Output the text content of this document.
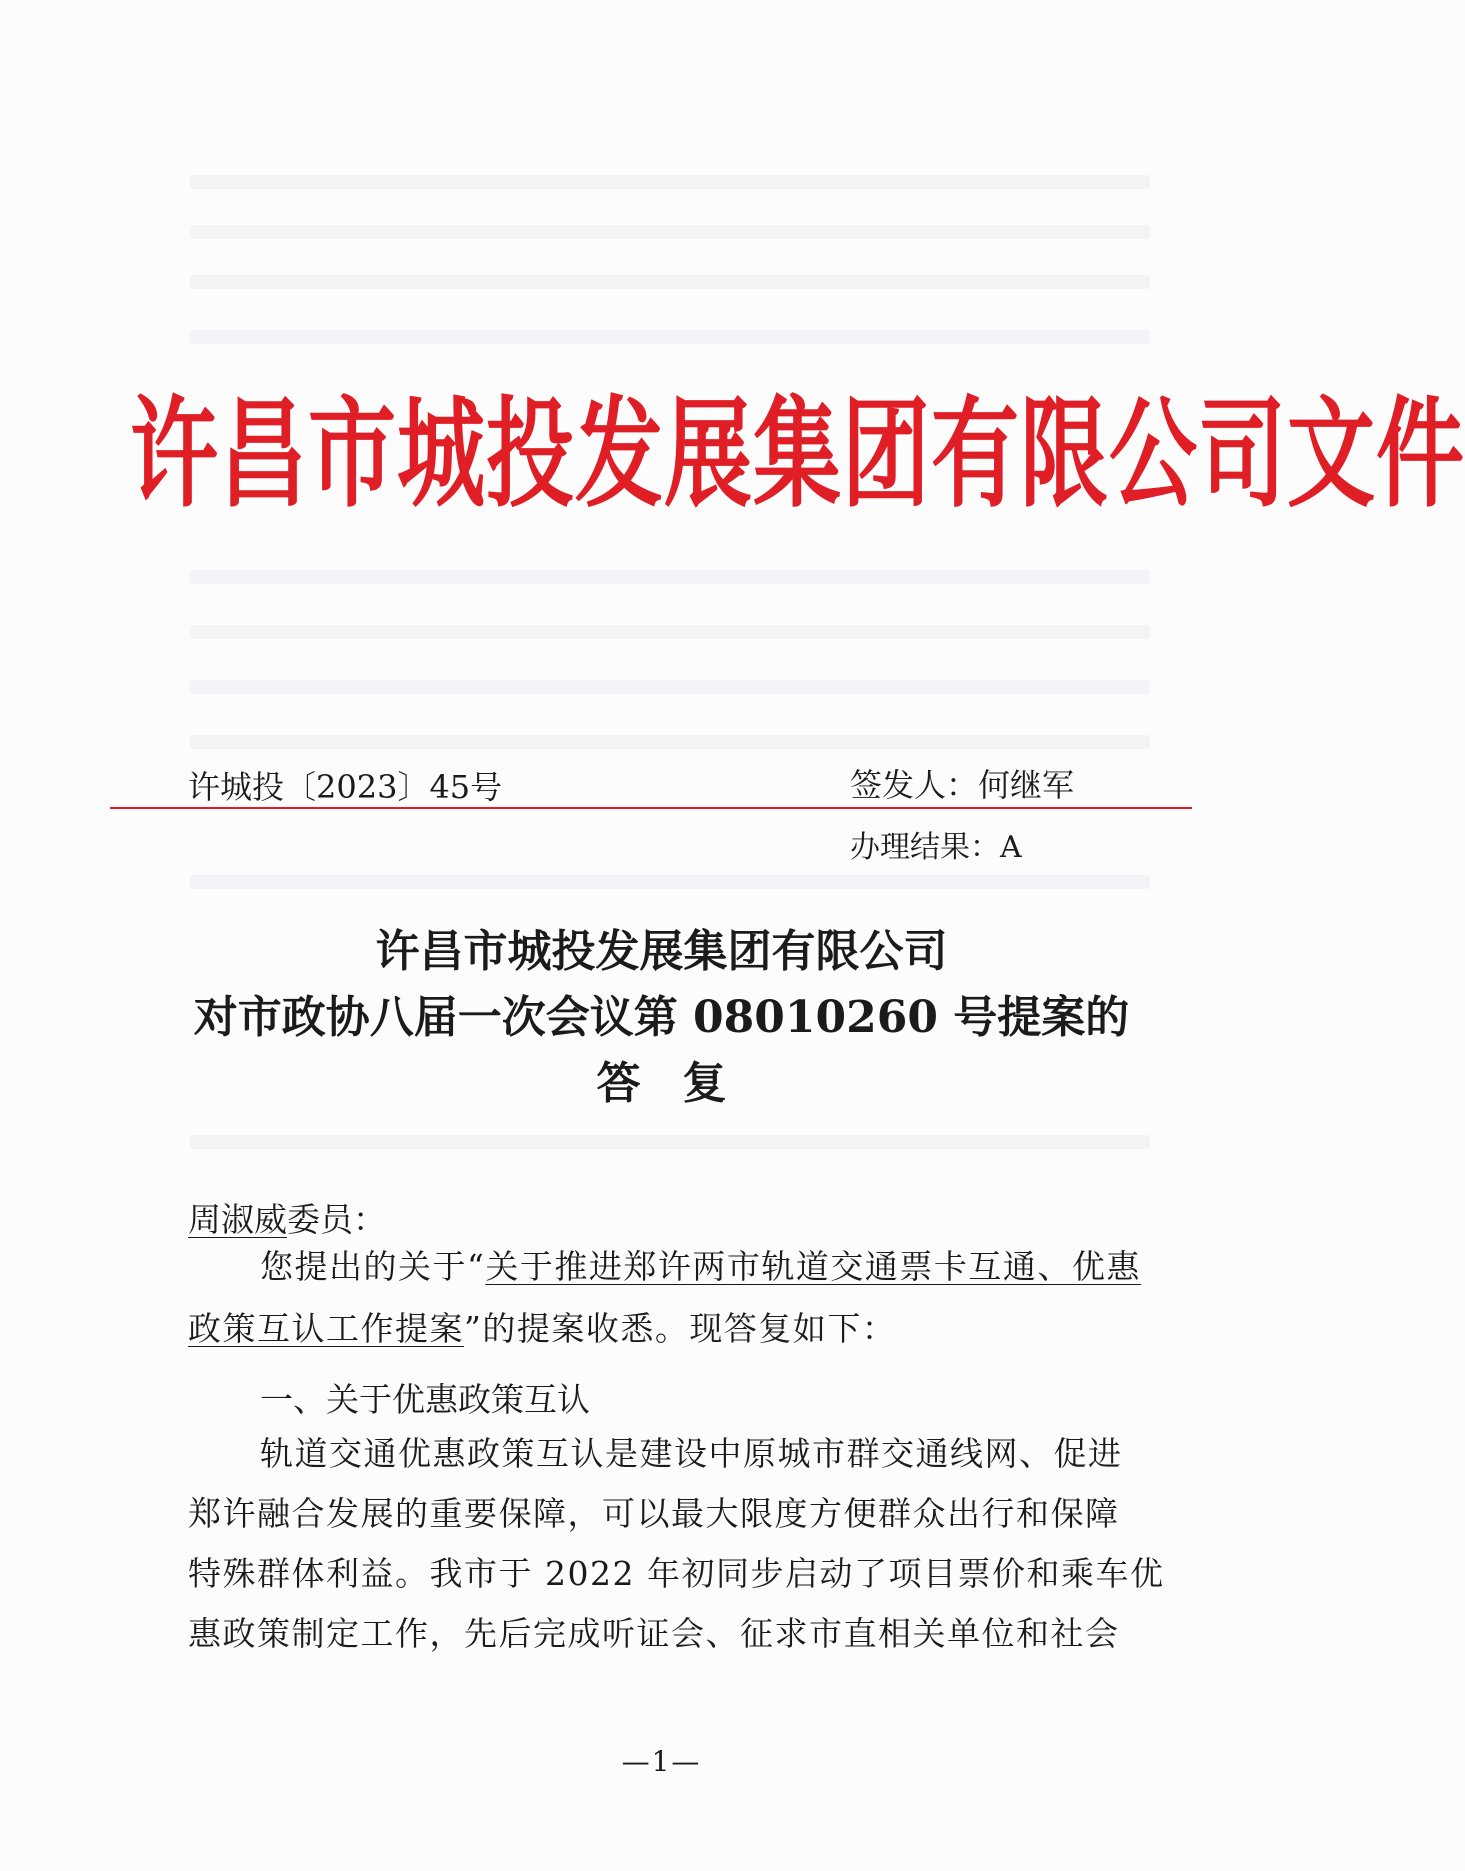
许昌市城投发展集团有限公司文件
许城投〔2023〕45号	签发人：何继军
办理结果：A
许昌市城投发展集团有限公司
对市政协八届一次会议第 08010260 号提案的
答复
周淑威委员：
您提出的关于“关于推进郑许两市轨道交通票卡互通、优惠
政策互认工作提案”的提案收悉。现答复如下：
一、关于优惠政策互认
轨道交通优惠政策互认是建设中原城市群交通线网、促进
郑许融合发展的重要保障，可以最大限度方便群众出行和保障
特殊群体利益。我市于 2022 年初同步启动了项目票价和乘车优
惠政策制定工作，先后完成听证会、征求市直相关单位和社会
—1—
